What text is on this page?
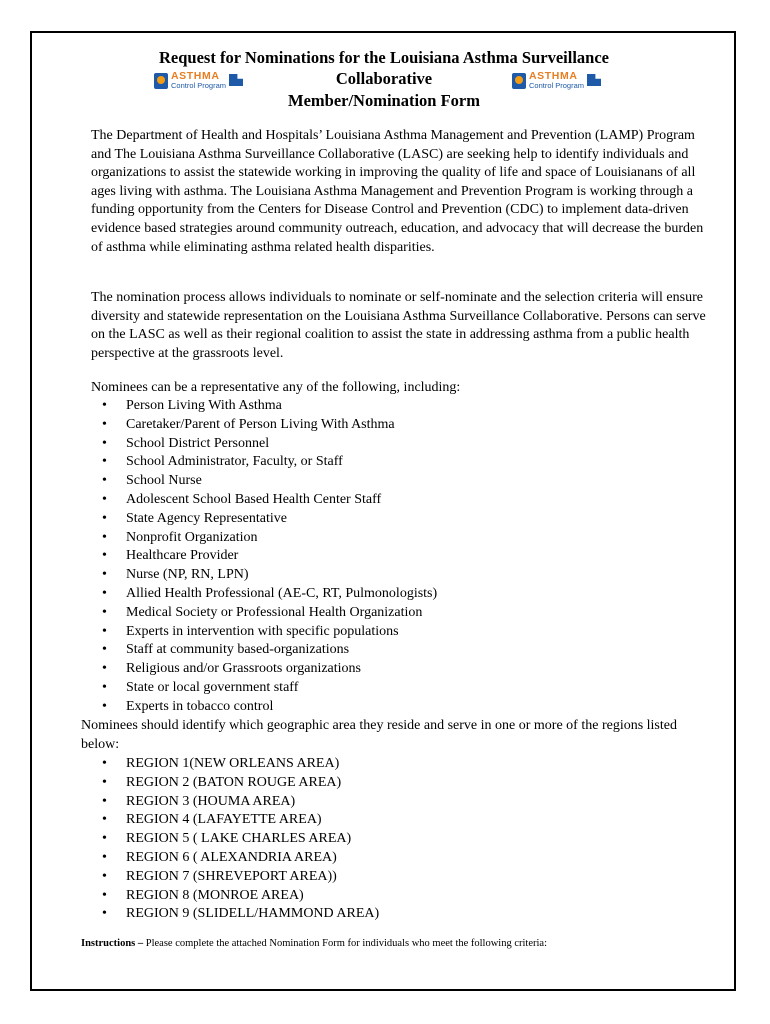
Request for Nominations for the Louisiana Asthma Surveillance
Collaborative
Member/Nomination Form
ASTHMA
Control Program
ASTHMA
Control Program

The Department of Health and Hospitals’ Louisiana Asthma Management and Prevention (LAMP) Program and The Louisiana Asthma Surveillance Collaborative (LASC) are seeking help to identify individuals and organizations to assist the statewide working in improving the quality of life and space of Louisianans of all ages living with asthma. The Louisiana Asthma Management and Prevention Program is working through a funding opportunity from the Centers for Disease Control and Prevention (CDC) to implement data-driven evidence based strategies around community outreach, education, and advocacy that will decrease the burden of asthma while eliminating asthma related health disparities.

The nomination process allows individuals to nominate or self-nominate and the selection criteria will ensure diversity and statewide representation on the Louisiana Asthma Surveillance Collaborative. Persons can serve on the LASC as well as their regional coalition to assist the state in addressing asthma from a public health perspective at the grassroots level.

Nominees can be a representative any of the following, including:

• Person Living With Asthma
• Caretaker/Parent of Person Living With Asthma
• School District Personnel
• School Administrator, Faculty, or Staff
• School Nurse
• Adolescent School Based Health Center Staff
• State Agency Representative
• Nonprofit Organization
• Healthcare Provider
• Nurse (NP, RN, LPN)
• Allied Health Professional (AE-C, RT, Pulmonologists)
• Medical Society or Professional Health Organization
• Experts in intervention with specific populations
• Staff at community based-organizations
• Religious and/or Grassroots organizations
• State or local government staff
• Experts in tobacco control

Nominees should identify which geographic area they reside and serve in one or more of the regions listed below:

• REGION 1(NEW ORLEANS AREA)
• REGION 2 (BATON ROUGE AREA)
• REGION 3 (HOUMA AREA)
• REGION 4 (LAFAYETTE AREA)
• REGION 5 ( LAKE CHARLES AREA)
• REGION 6 ( ALEXANDRIA AREA)
• REGION 7 (SHREVEPORT AREA))
• REGION 8 (MONROE AREA)
• REGION 9 (SLIDELL/HAMMOND AREA)
Instructions – Please complete the attached Nomination Form for individuals who meet the following criteria:
